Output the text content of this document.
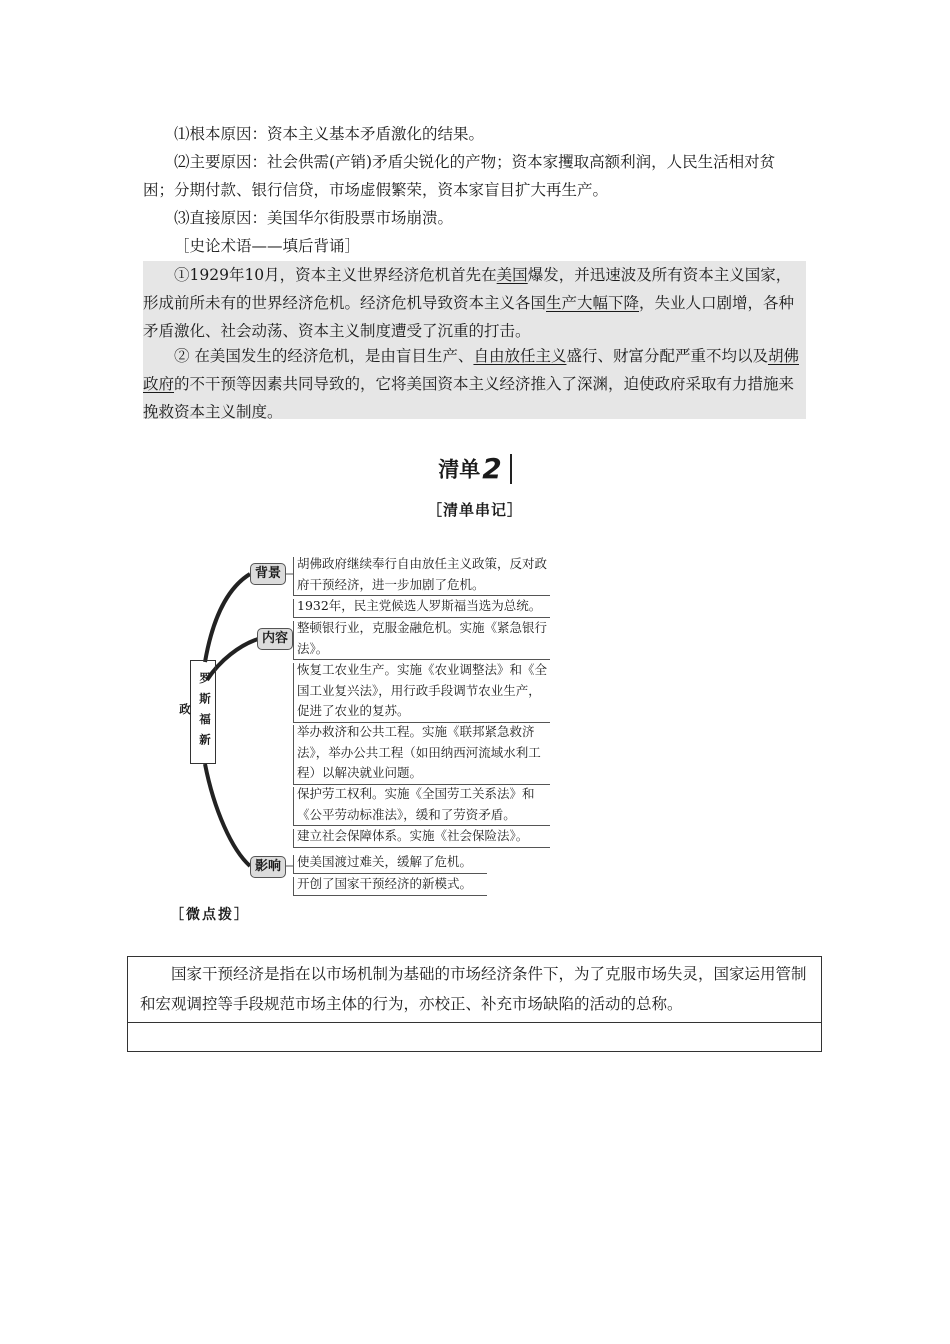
⑴根本原因：资本主义基本矛盾激化的结果。
⑵主要原因：社会供需(产销)矛盾尖锐化的产物；资本家攫取高额利润，人民生活相对贫困；分期付款、银行信贷，市场虚假繁荣，资本家盲目扩大再生产。
⑶直接原因：美国华尔街股票市场崩溃。
［史论术语——填后背诵］
①1929年10月，资本主义世界经济危机首先在美国爆发，并迅速波及所有资本主义国家，形成前所未有的世界经济危机。经济危机导致资本主义各国生产大幅下降，失业人口剧增，各种矛盾激化、社会动荡、资本主义制度遭受了沉重的打击。
② 在美国发生的经济危机，是由盲目生产、自由放任主义盛行、财富分配严重不均以及胡佛政府的不干预等因素共同导致的，它将美国资本主义经济推入了深渊，迫使政府采取有力措施来挽救资本主义制度。
清单2
［清单串记］
罗斯福新政
背景
内容
影响
胡佛政府继续奉行自由放任主义政策，反对政府干预经济，进一步加剧了危机。
1932年，民主党候选人罗斯福当选为总统。
整顿银行业，克服金融危机。实施《紧急银行法》。
恢复工农业生产。实施《农业调整法》和《全国工业复兴法》，用行政手段调节农业生产，促进了农业的复苏。
举办救济和公共工程。实施《联邦紧急救济法》，举办公共工程（如田纳西河流域水利工程）以解决就业问题。
保护劳工权利。实施《全国劳工关系法》和《公平劳动标准法》，缓和了劳资矛盾。
建立社会保障体系。实施《社会保险法》。
使美国渡过难关，缓解了危机。
开创了国家干预经济的新模式。
［微点拨］
国家干预经济是指在以市场机制为基础的市场经济条件下，为了克服市场失灵，国家运用管制和宏观调控等手段规范市场主体的行为，亦校正、补充市场缺陷的活动的总称。
